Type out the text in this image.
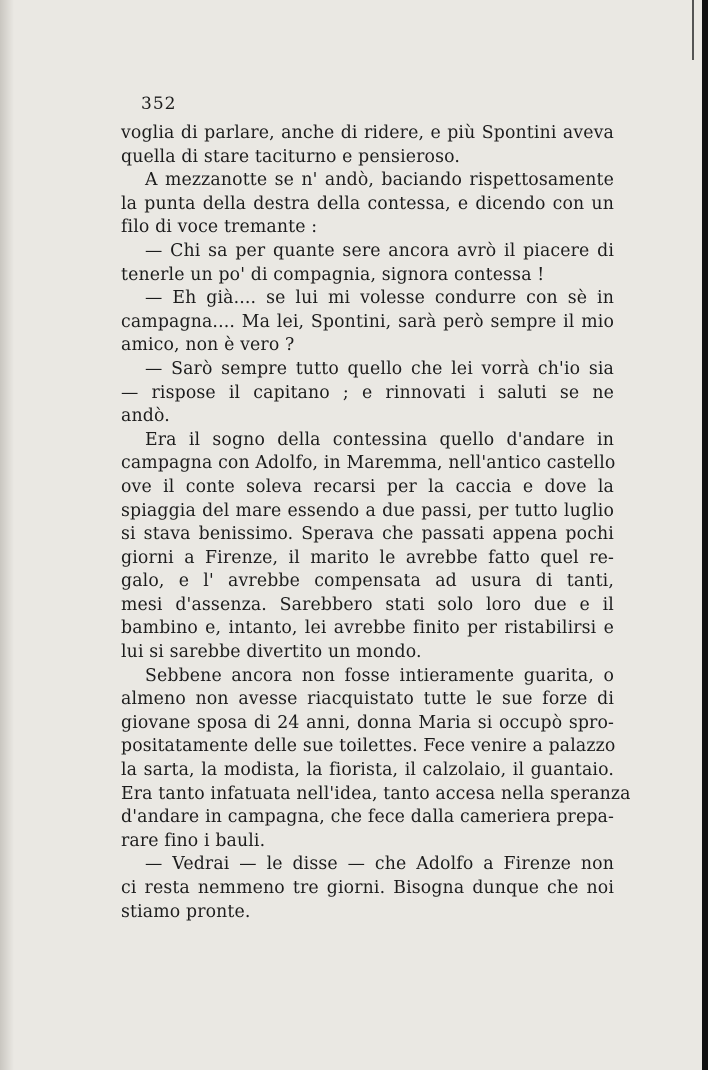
352

voglia di parlare, anche di ridere, e più Spontini aveva
quella di stare taciturno e pensieroso.
A mezzanotte se n' andò, baciando rispettosamente
la punta della destra della contessa, e dicendo con un
filo di voce tremante :
— Chi sa per quante sere ancora avrò il piacere di
tenerle un po' di compagnia, signora contessa !
— Eh già.... se lui mi volesse condurre con sè in
campagna.... Ma lei, Spontini, sarà però sempre il mio
amico, non è vero ?
— Sarò sempre tutto quello che lei vorrà ch'io sia
— rispose il capitano ; e rinnovati i saluti se ne
andò.
Era il sogno della contessina quello d'andare in
campagna con Adolfo, in Maremma, nell'antico castello
ove il conte soleva recarsi per la caccia e dove la
spiaggia del mare essendo a due passi, per tutto luglio
si stava benissimo. Sperava che passati appena pochi
giorni a Firenze, il marito le avrebbe fatto quel re-
galo, e l' avrebbe compensata ad usura di tanti,
mesi d'assenza. Sarebbero stati solo loro due e il
bambino e, intanto, lei avrebbe finito per ristabilirsi e
lui si sarebbe divertito un mondo.
Sebbene ancora non fosse intieramente guarita, o
almeno non avesse riacquistato tutte le sue forze di
giovane sposa di 24 anni, donna Maria si occupò spro-
positatamente delle sue toilettes. Fece venire a palazzo
la sarta, la modista, la fiorista, il calzolaio, il guantaio.
Era tanto infatuata nell'idea, tanto accesa nella speranza
d'andare in campagna, che fece dalla cameriera prepa-
rare fino i bauli.
— Vedrai — le disse — che Adolfo a Firenze non
ci resta nemmeno tre giorni. Bisogna dunque che noi
stiamo pronte.
